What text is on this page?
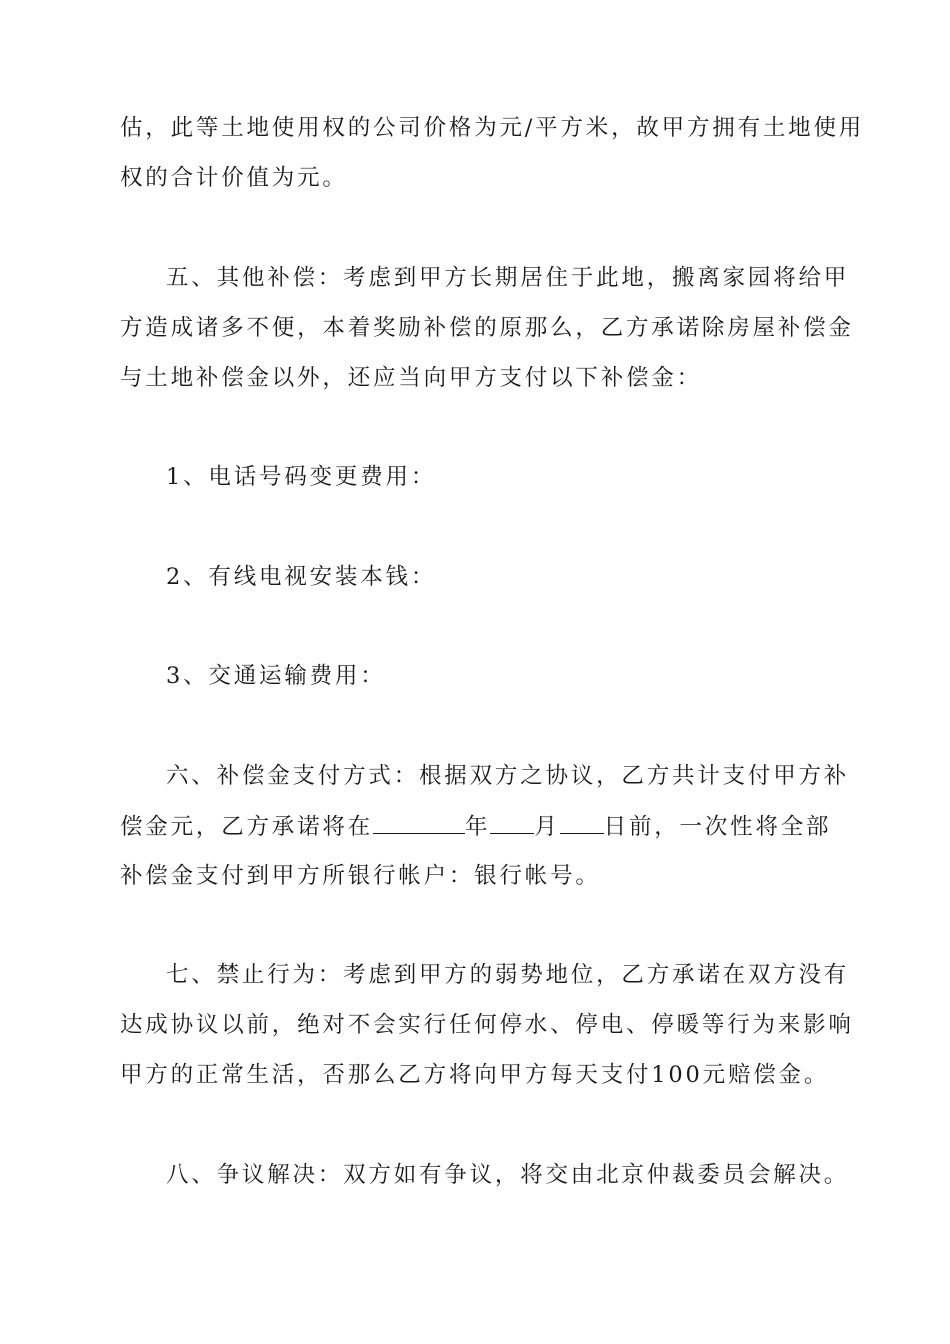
估，此等土地使用权的公司价格为元/平方米，故甲方拥有土地使用
权的合计价值为元。
五、其他补偿：考虑到甲方长期居住于此地，搬离家园将给甲
方造成诸多不便，本着奖励补偿的原那么，乙方承诺除房屋补偿金
与土地补偿金以外，还应当向甲方支付以下补偿金：
1、电话号码变更费用：
2、有线电视安装本钱：
3、交通运输费用：
六、补偿金支付方式：根据双方之协议，乙方共计支付甲方补
偿金元，乙方承诺将在	年 月 日前，一次性将全部
补偿金支付到甲方所银行帐户：银行帐号。
七、禁止行为：考虑到甲方的弱势地位，乙方承诺在双方没有
达成协议以前，绝对不会实行任何停水、停电、停暖等行为来影响
甲方的正常生活，否那么乙方将向甲方每天支付100元赔偿金。
八、争议解决：双方如有争议，将交由北京仲裁委员会解决。
